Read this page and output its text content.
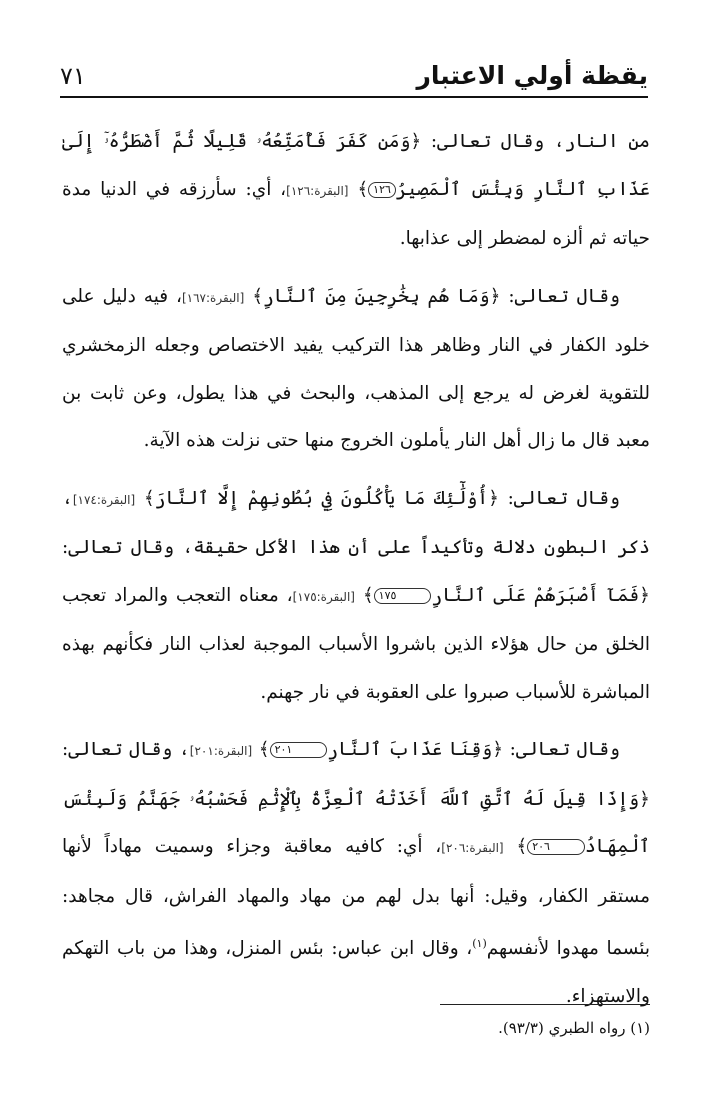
يقظة أولي الاعتبار
٧١

من النار، وقال تعالى: ﴿وَمَن كَفَرَ فَأُمَتِّعُهُۥ قَلِيلًا ثُمَّ أَضْطَرُّهُۥٓ إِلَىٰ عَذَابِ ٱلنَّارِ وَبِئْسَ ٱلْمَصِيرُ١٢٦﴾ [البقرة:١٢٦]، أي: سأرزقه في الدنيا مدة حياته ثم ألزه لمضطر إلى عذابها.

وقال تعالى: ﴿وَمَا هُم بِخَٰرِجِينَ مِنَ ٱلنَّارِ﴾ [البقرة:١٦٧]، فيه دليل على خلود الكفار في النار وظاهر هذا التركيب يفيد الاختصاص وجعله الزمخشري للتقوية لغرض له يرجع إلى المذهب، والبحث في هذا يطول، وعن ثابت بن معبد قال ما زال أهل النار يأملون الخروج منها حتى نزلت هذه الآية.

وقال تعالى: ﴿أُوْلَٰٓئِكَ مَا يَأْكُلُونَ فِي بُطُونِهِمْ إِلَّا ٱلنَّارَ﴾ [البقرة:١٧٤]، ذكر البطون دلالة وتأكيداً على أن هذا الأكل حقيقة، وقال تعالى: ﴿فَمَآ أَصْبَرَهُمْ عَلَى ٱلنَّارِ١٧٥﴾ [البقرة:١٧٥]، معناه التعجب والمراد تعجب الخلق من حال هؤلاء الذين باشروا الأسباب الموجبة لعذاب النار فكأنهم بهذه المباشرة للأسباب صبروا على العقوبة في نار جهنم.

وقال تعالى: ﴿وَقِنَا عَذَابَ ٱلنَّارِ٢٠١﴾ [البقرة:٢٠١]، وقال تعالى: ﴿وَإِذَا قِيلَ لَهُ ٱتَّقِ ٱللَّهَ أَخَذَتْهُ ٱلْعِزَّةُ بِٱلْإِثْمِ فَحَسْبُهُۥ جَهَنَّمُ وَلَبِئْسَ ٱلْمِهَادُ٢٠٦﴾ [البقرة:٢٠٦]، أي: كافيه معاقبة وجزاء وسميت مهاداً لأنها مستقر الكفار، وقيل: أنها بدل لهم من مهاد والمهاد الفراش، قال مجاهد: بئسما مهدوا لأنفسهم$^{(١)}$، وقال ابن عباس: بئس المنزل، وهذا من باب التهكم والاستهزاء.

(١) رواه الطبري (٩٣/٣).
